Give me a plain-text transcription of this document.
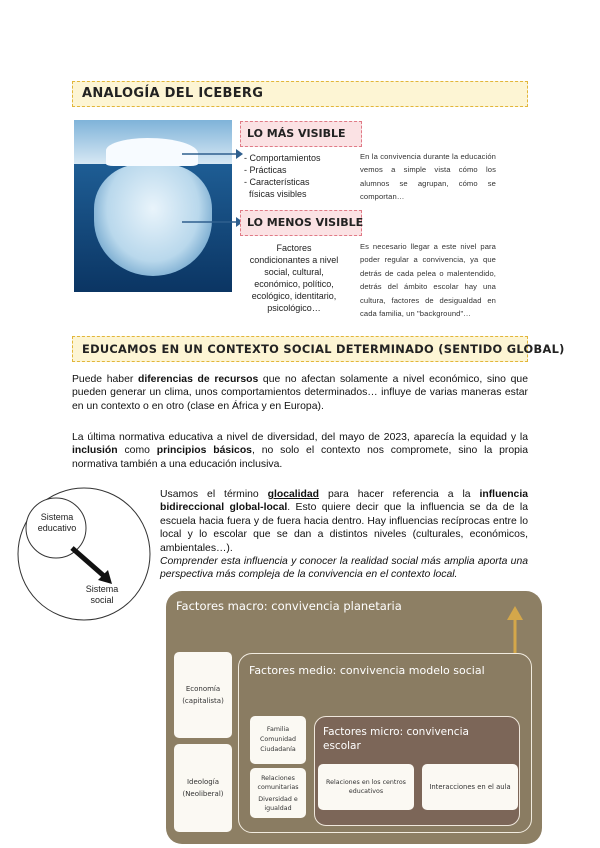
ANALOGÍA DEL ICEBERG
LO MÁS VISIBLE
- Comportamientos
- Prácticas
- Características
físicas visibles
En la convivencia durante la educación vemos a simple vista cómo los alumnos se agrupan, cómo se comportan…
LO MENOS VISIBLE
Factores
condicionantes a nivel
social, cultural,
económico, político,
ecológico, identitario,
psicológico…
Es necesario llegar a este nivel para poder regular a convivencia, ya que detrás de cada pelea o malentendido, detrás del ámbito escolar hay una cultura, factores de desigualdad en cada familia, un "background"…
EDUCAMOS EN UN CONTEXTO SOCIAL DETERMINADO (SENTIDO GLOBAL)
Puede haber diferencias de recursos que no afectan solamente a nivel económico, sino que pueden generar un clima, unos comportamientos determinados… influye de varias maneras estar en un contexto o en otro (clase en África y en Europa).
La última normativa educativa a nivel de diversidad, del mayo de 2023, aparecía la equidad y la inclusión como principios básicos, no solo el contexto nos compromete, sino la propia normativa también a una educación inclusiva.
Sistema educativo
Sistema social
Usamos el término glocalidad para hacer referencia a la influencia bidireccional global-local. Esto quiere decir que la influencia se da de la escuela hacia fuera y de fuera hacia dentro. Hay influencias recíprocas entre lo local y lo escolar que se dan a distintos niveles (culturales, económicos, ambientales…).
Comprender esta influencia y conocer la realidad social más amplia aporta una perspectiva más compleja de la convivencia en el contexto local.
Factores macro: convivencia planetaria
Economía (capitalista)
Ideología (Neoliberal)
Factores medio: convivencia modelo social
Familia Comunidad Ciudadanía
Relaciones comunitarias
Diversidad e igualdad
Factores micro: convivencia escolar
Relaciones en los centros educativos
Interacciones en el aula
